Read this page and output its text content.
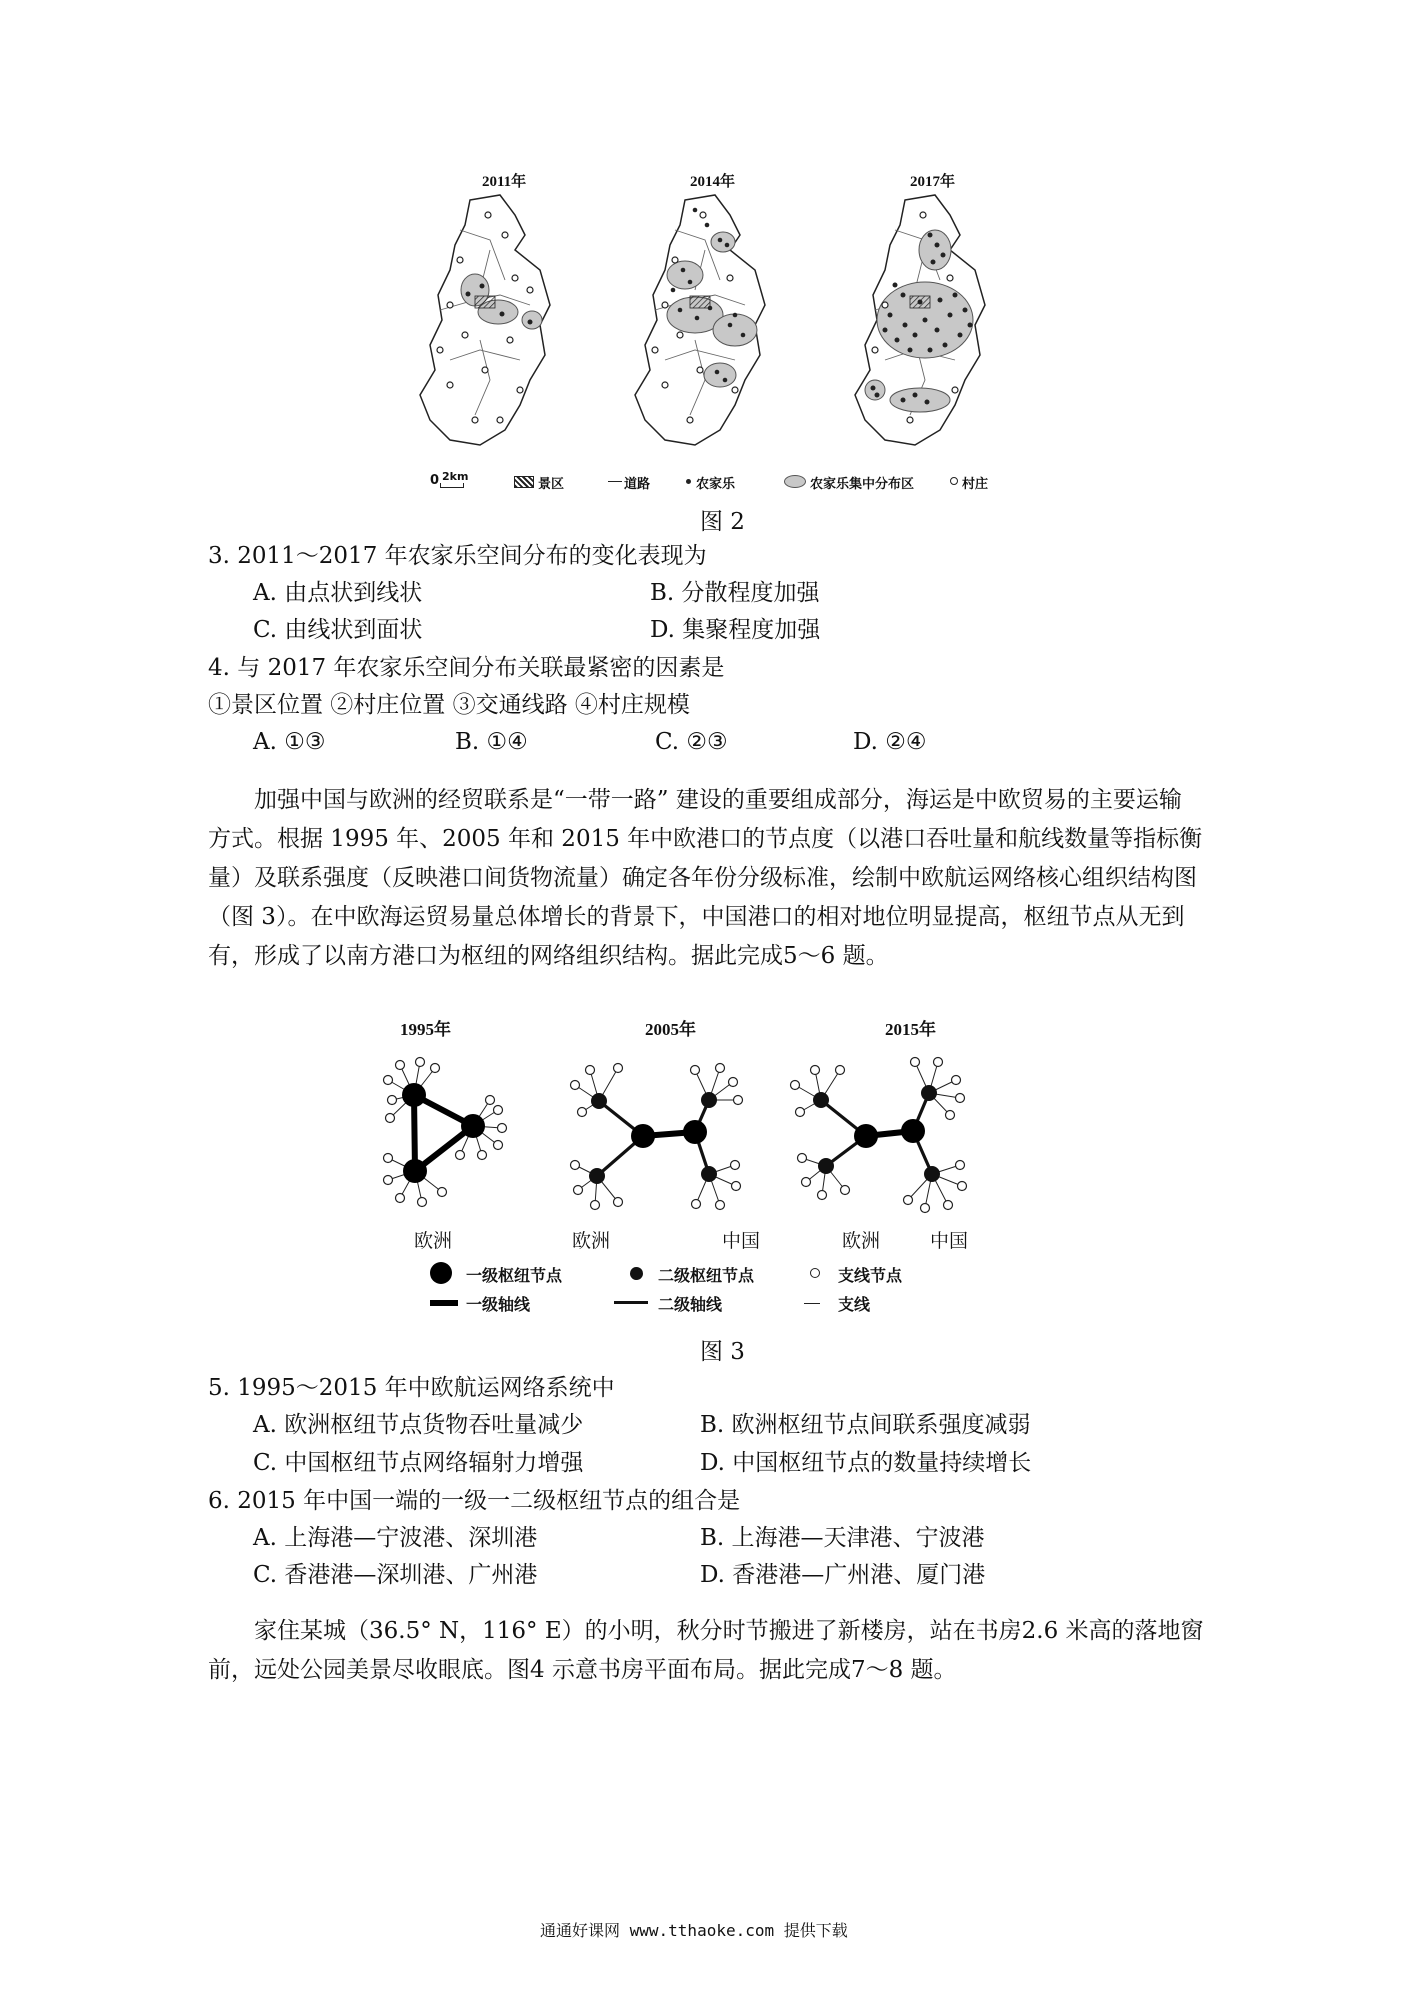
2011年	2014年	2017年
0 2km
景区	道路	农家乐	农家乐集中分布区	村庄
图 2
3. 2011～2017 年农家乐空间分布的变化表现为
A. 由点状到线状	B. 分散程度加强
C. 由线状到面状	D. 集聚程度加强
4. 与 2017 年农家乐空间分布关联最紧密的因素是
①景区位置 ②村庄位置 ③交通线路 ④村庄规模
A. ①③	B. ①④	C. ②③	D. ②④
加强中国与欧洲的经贸联系是“一带一路” 建设的重要组成部分，海运是中欧贸易的主要运输方式。根据 1995 年、2005 年和 2015 年中欧港口的节点度（以港口吞吐量和航线数量等指标衡量）及联系强度（反映港口间货物流量）确定各年份分级标准，绘制中欧航运网络核心组织结构图（图 3）。在中欧海运贸易量总体增长的背景下，中国港口的相对地位明显提高，枢纽节点从无到有，形成了以南方港口为枢纽的网络组织结构。据此完成5～6 题。
1995年	2005年	2015年
欧洲	欧洲	中国	欧洲	中国
一级枢纽节点	二级枢纽节点	支线节点
一级轴线	二级轴线	支线
图 3
5. 1995～2015 年中欧航运网络系统中
A. 欧洲枢纽节点货物吞吐量减少	B. 欧洲枢纽节点间联系强度减弱
C. 中国枢纽节点网络辐射力增强	D. 中国枢纽节点的数量持续增长
6. 2015 年中国一端的一级一二级枢纽节点的组合是
A. 上海港—宁波港、深圳港	B. 上海港—天津港、宁波港
C. 香港港—深圳港、广州港	D. 香港港—广州港、厦门港
家住某城（36.5° N，116° E）的小明，秋分时节搬进了新楼房，站在书房2.6 米高的落地窗前，远处公园美景尽收眼底。图4 示意书房平面布局。据此完成7～8 题。
通通好课网 www.tthaoke.com 提供下载
